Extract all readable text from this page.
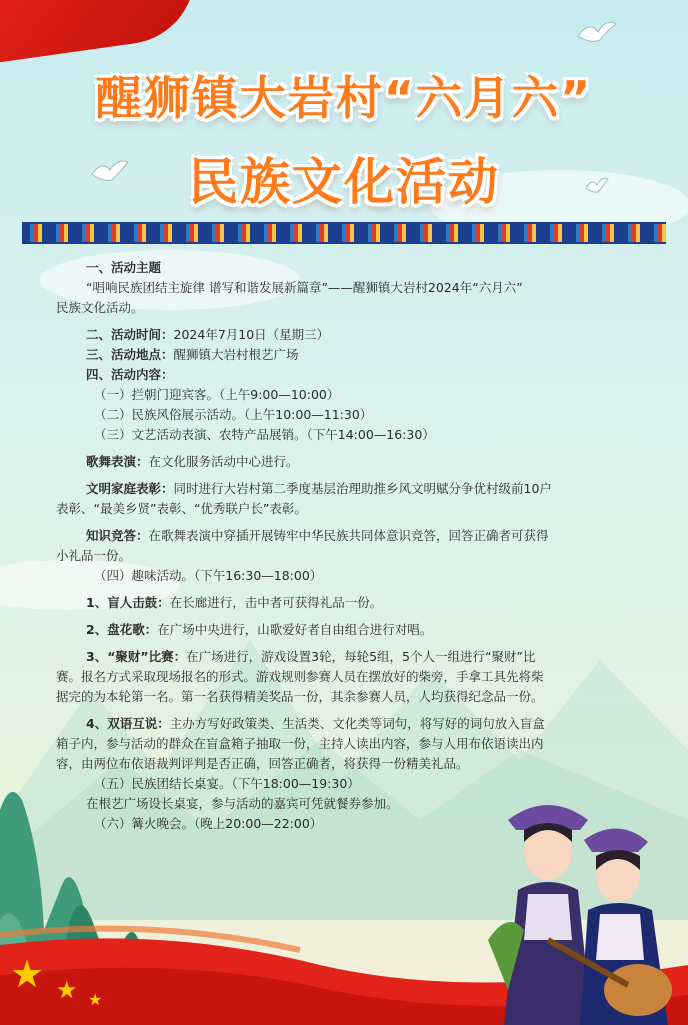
醒狮镇大岩村“六月六”
民族文化活动
一、活动主题
“唱响民族团结主旋律 谱写和谐发展新篇章”——醒狮镇大岩村2024年“六月六”
民族文化活动。
二、活动时间：2024年7月10日（星期三）
三、活动地点：醒狮镇大岩村根艺广场
四、活动内容：
（一）拦朝门迎宾客。（上午9:00—10:00）
（二）民族风俗展示活动。（上午10:00—11:30）
（三）文艺活动表演、农特产品展销。（下午14:00—16:30）
歌舞表演：在文化服务活动中心进行。
文明家庭表彰：同时进行大岩村第二季度基层治理助推乡风文明赋分争优村级前10户
表彰、“最美乡贤”表彰、“优秀联户长”表彰。
知识竞答：在歌舞表演中穿插开展铸牢中华民族共同体意识竞答，回答正确者可获得
小礼品一份。
（四）趣味活动。（下午16:30—18:00）
1、盲人击鼓：在长廊进行，击中者可获得礼品一份。
2、盘花歌：在广场中央进行，山歌爱好者自由组合进行对唱。
3、“聚财”比赛：在广场进行，游戏设置3轮，每轮5组，5个人一组进行“聚财”比
赛。报名方式采取现场报名的形式。游戏规则参赛人员在摆放好的柴旁，手拿工具先将柴
据完的为本轮第一名。第一名获得精美奖品一份，其余参赛人员，人均获得纪念品一份。
4、双语互说：主办方写好政策类、生活类、文化类等词句，将写好的词句放入盲盒
箱子内，参与活动的群众在盲盒箱子抽取一份，主持人读出内容，参与人用布依语读出内
容，由两位布依语裁判评判是否正确，回答正确者，将获得一份精美礼品。
（五）民族团结长桌宴。（下午18:00—19:30）
在根艺广场设长桌宴，参与活动的嘉宾可凭就餐券参加。
（六）篝火晚会。（晚上20:00—22:00）
★ ★ ★
